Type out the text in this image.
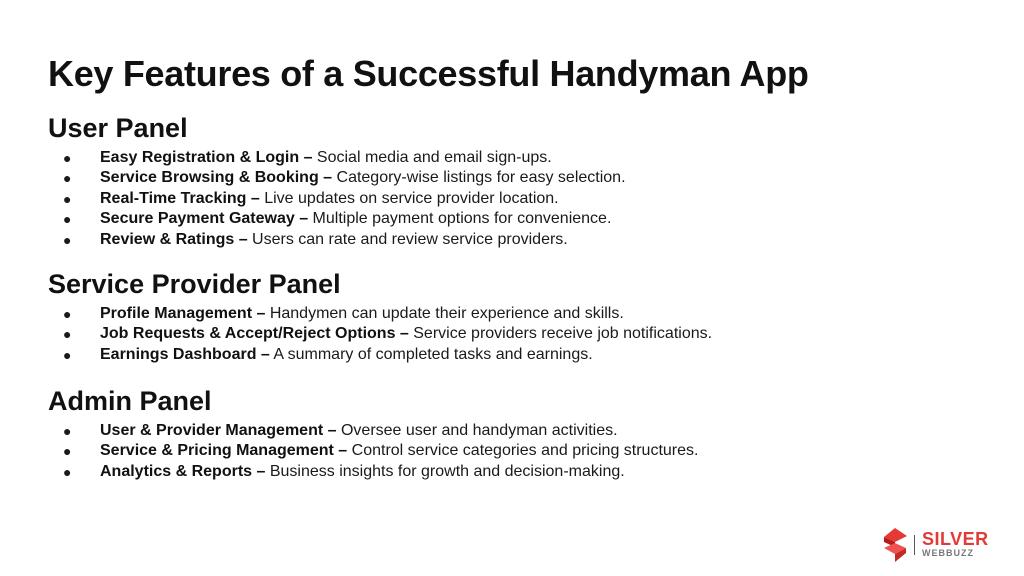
Key Features of a Successful Handyman App
User Panel
● Easy Registration & Login – Social media and email sign-ups.
● Service Browsing & Booking – Category-wise listings for easy selection.
● Real-Time Tracking – Live updates on service provider location.
● Secure Payment Gateway – Multiple payment options for convenience.
● Review & Ratings – Users can rate and review service providers.
Service Provider Panel
● Profile Management – Handymen can update their experience and skills.
● Job Requests & Accept/Reject Options – Service providers receive job notifications.
● Earnings Dashboard – A summary of completed tasks and earnings.
Admin Panel
● User & Provider Management – Oversee user and handyman activities.
● Service & Pricing Management – Control service categories and pricing structures.
● Analytics & Reports – Business insights for growth and decision-making.
SILVER
WEBBUZZ
